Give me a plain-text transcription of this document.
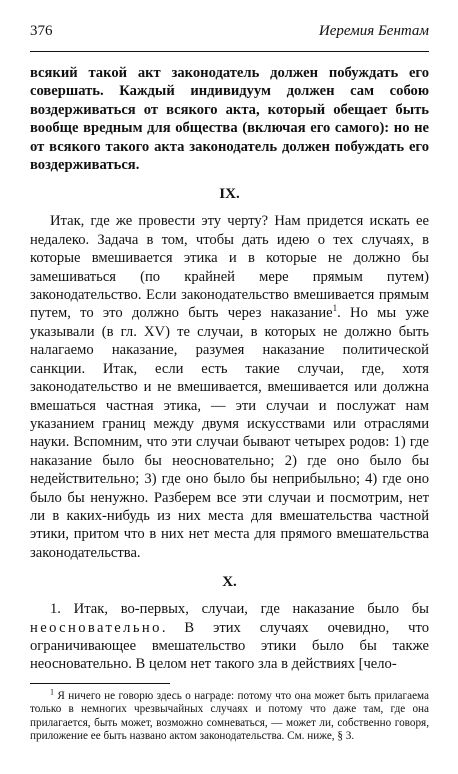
376	Иеремия Бентам

всякий такой акт законодатель должен побуждать его совершать. Каждый индивидуум должен сам собою воздерживаться от всякого акта, который обещает быть вообще вредным для общества (включая его самого): но не от всякого такого акта законодатель должен побуждать его воздерживаться.

IX.

Итак, где же провести эту черту? Нам придется искать ее недалеко. Задача в том, чтобы дать идею о тех случаях, в которые вмешивается этика и в которые не должно бы замешиваться (по крайней мере прямым путем) законодательство. Если законодательство вмешивается прямым путем, то это должно быть через наказание$^1$. Но мы уже указывали (в гл. XV) те случаи, в которых не должно быть налагаемо наказание, разумея наказание политической санкции. Итак, если есть такие случаи, где, хотя законодательство и не вмешивается, вмешивается или должна вмешаться частная этика, — эти случаи и послужат нам указанием границ между двумя искусствами или отраслями науки. Вспомним, что эти случаи бывают четырех родов: 1) где наказание было бы неосновательно; 2) где оно было бы недействительно; 3) где оно было бы неприбыльно; 4) где оно было бы ненужно. Разберем все эти случаи и посмотрим, нет ли в каких-нибудь из них места для вмешательства частной этики, притом что в них нет места для прямого вмешательства законодательства.

X.

1. Итак, во-первых, случаи, где наказание было бы неосновательно. В этих случаях очевидно, что ограничивающее вмешательство этики было бы также неосновательно. В целом нет такого зла в действиях [чело-

$^1$ Я ничего не говорю здесь о награде: потому что она может быть прилагаема только в немногих чрезвычайных случаях и потому что даже там, где она прилагается, быть может, возможно сомневаться, — может ли, собственно говоря, приложение ее быть названо актом законодательства. См. ниже, § 3.
